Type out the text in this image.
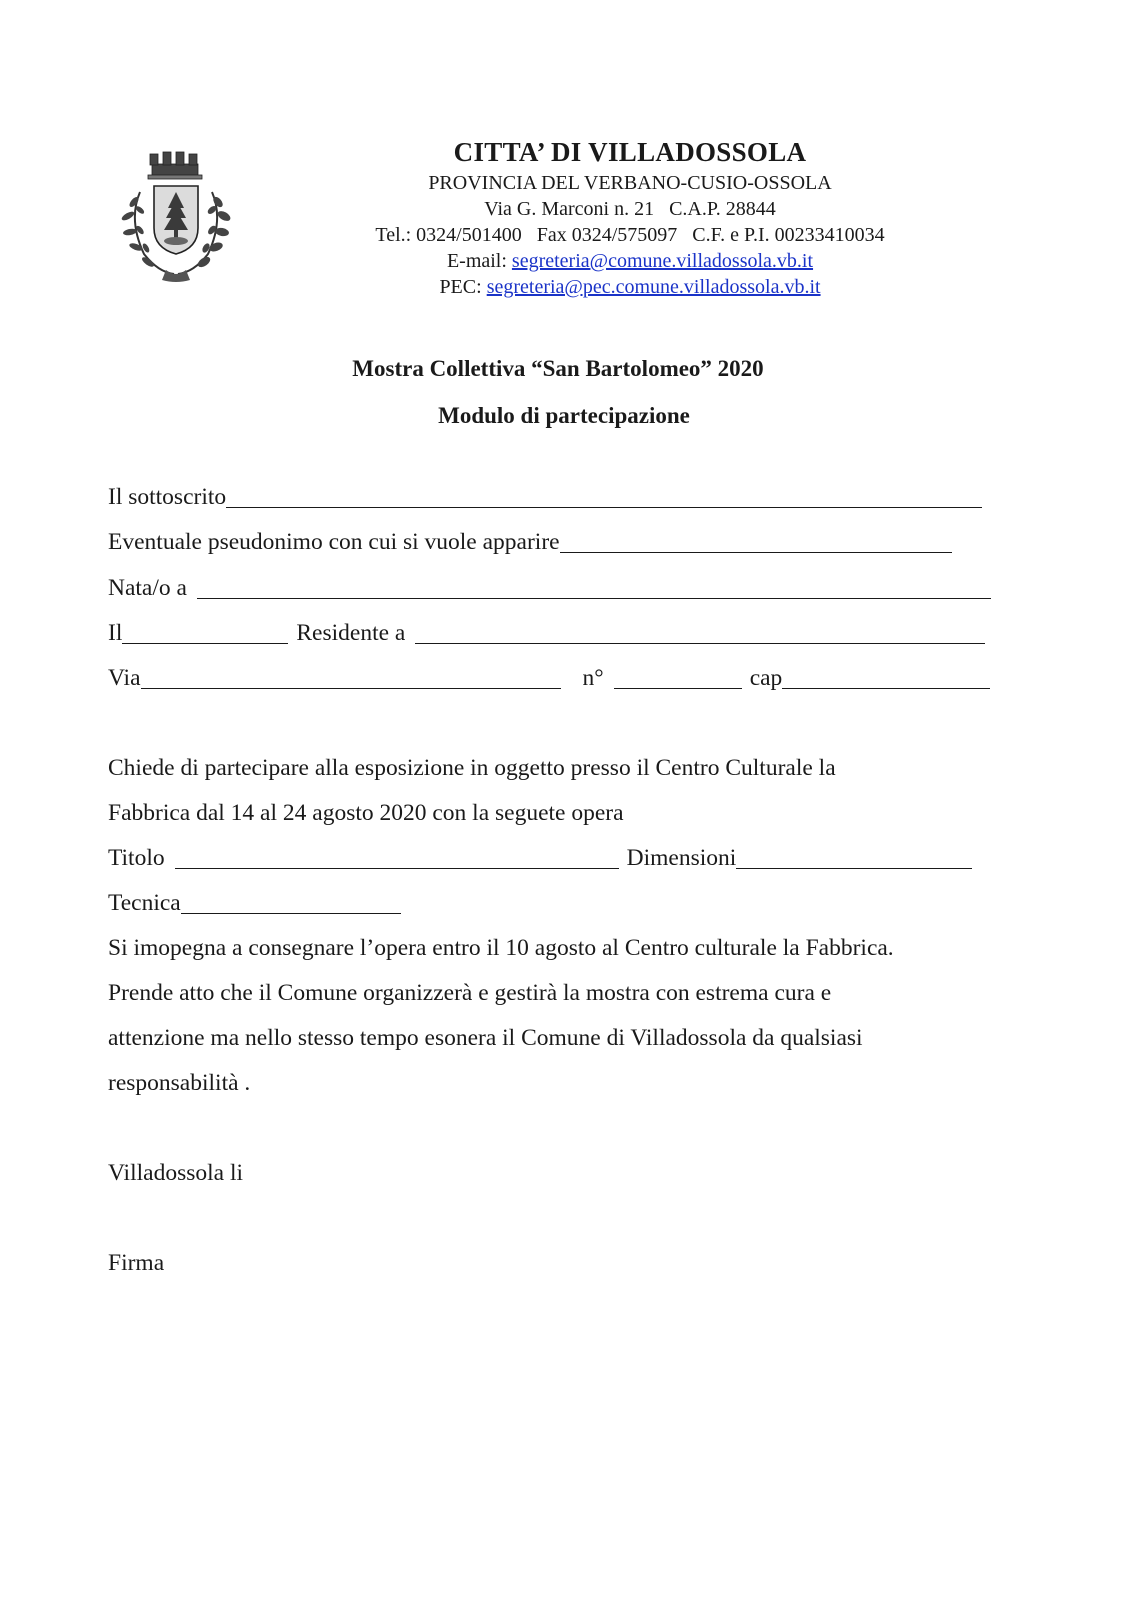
CITTA’ DI VILLADOSSOLA
PROVINCIA DEL VERBANO-CUSIO-OSSOLA
Via G. Marconi n. 21   C.A.P. 28844
Tel.: 0324/501400   Fax 0324/575097   C.F. e P.I. 00233410034
E-mail: segreteria@comune.villadossola.vb.it
PEC: segreteria@pec.comune.villadossola.vb.it
Mostra Collettiva “San Bartolomeo” 2020
Modulo di partecipazione
Il sottoscrito
Eventuale pseudonimo con cui si vuole apparire
Nata/o a
Il	Residente a
Via	n°	cap
Chiede di partecipare alla esposizione in oggetto presso il Centro Culturale la
Fabbrica dal 14 al 24 agosto 2020 con la seguete opera
Titolo	Dimensioni
Tecnica
Si imopegna a consegnare l’opera entro il 10 agosto al Centro culturale la Fabbrica.
Prende atto che il Comune organizzerà e gestirà la mostra con estrema cura e
attenzione ma nello stesso tempo esonera il Comune di Villadossola da qualsiasi
responsabilità .
Villadossola li
Firma
